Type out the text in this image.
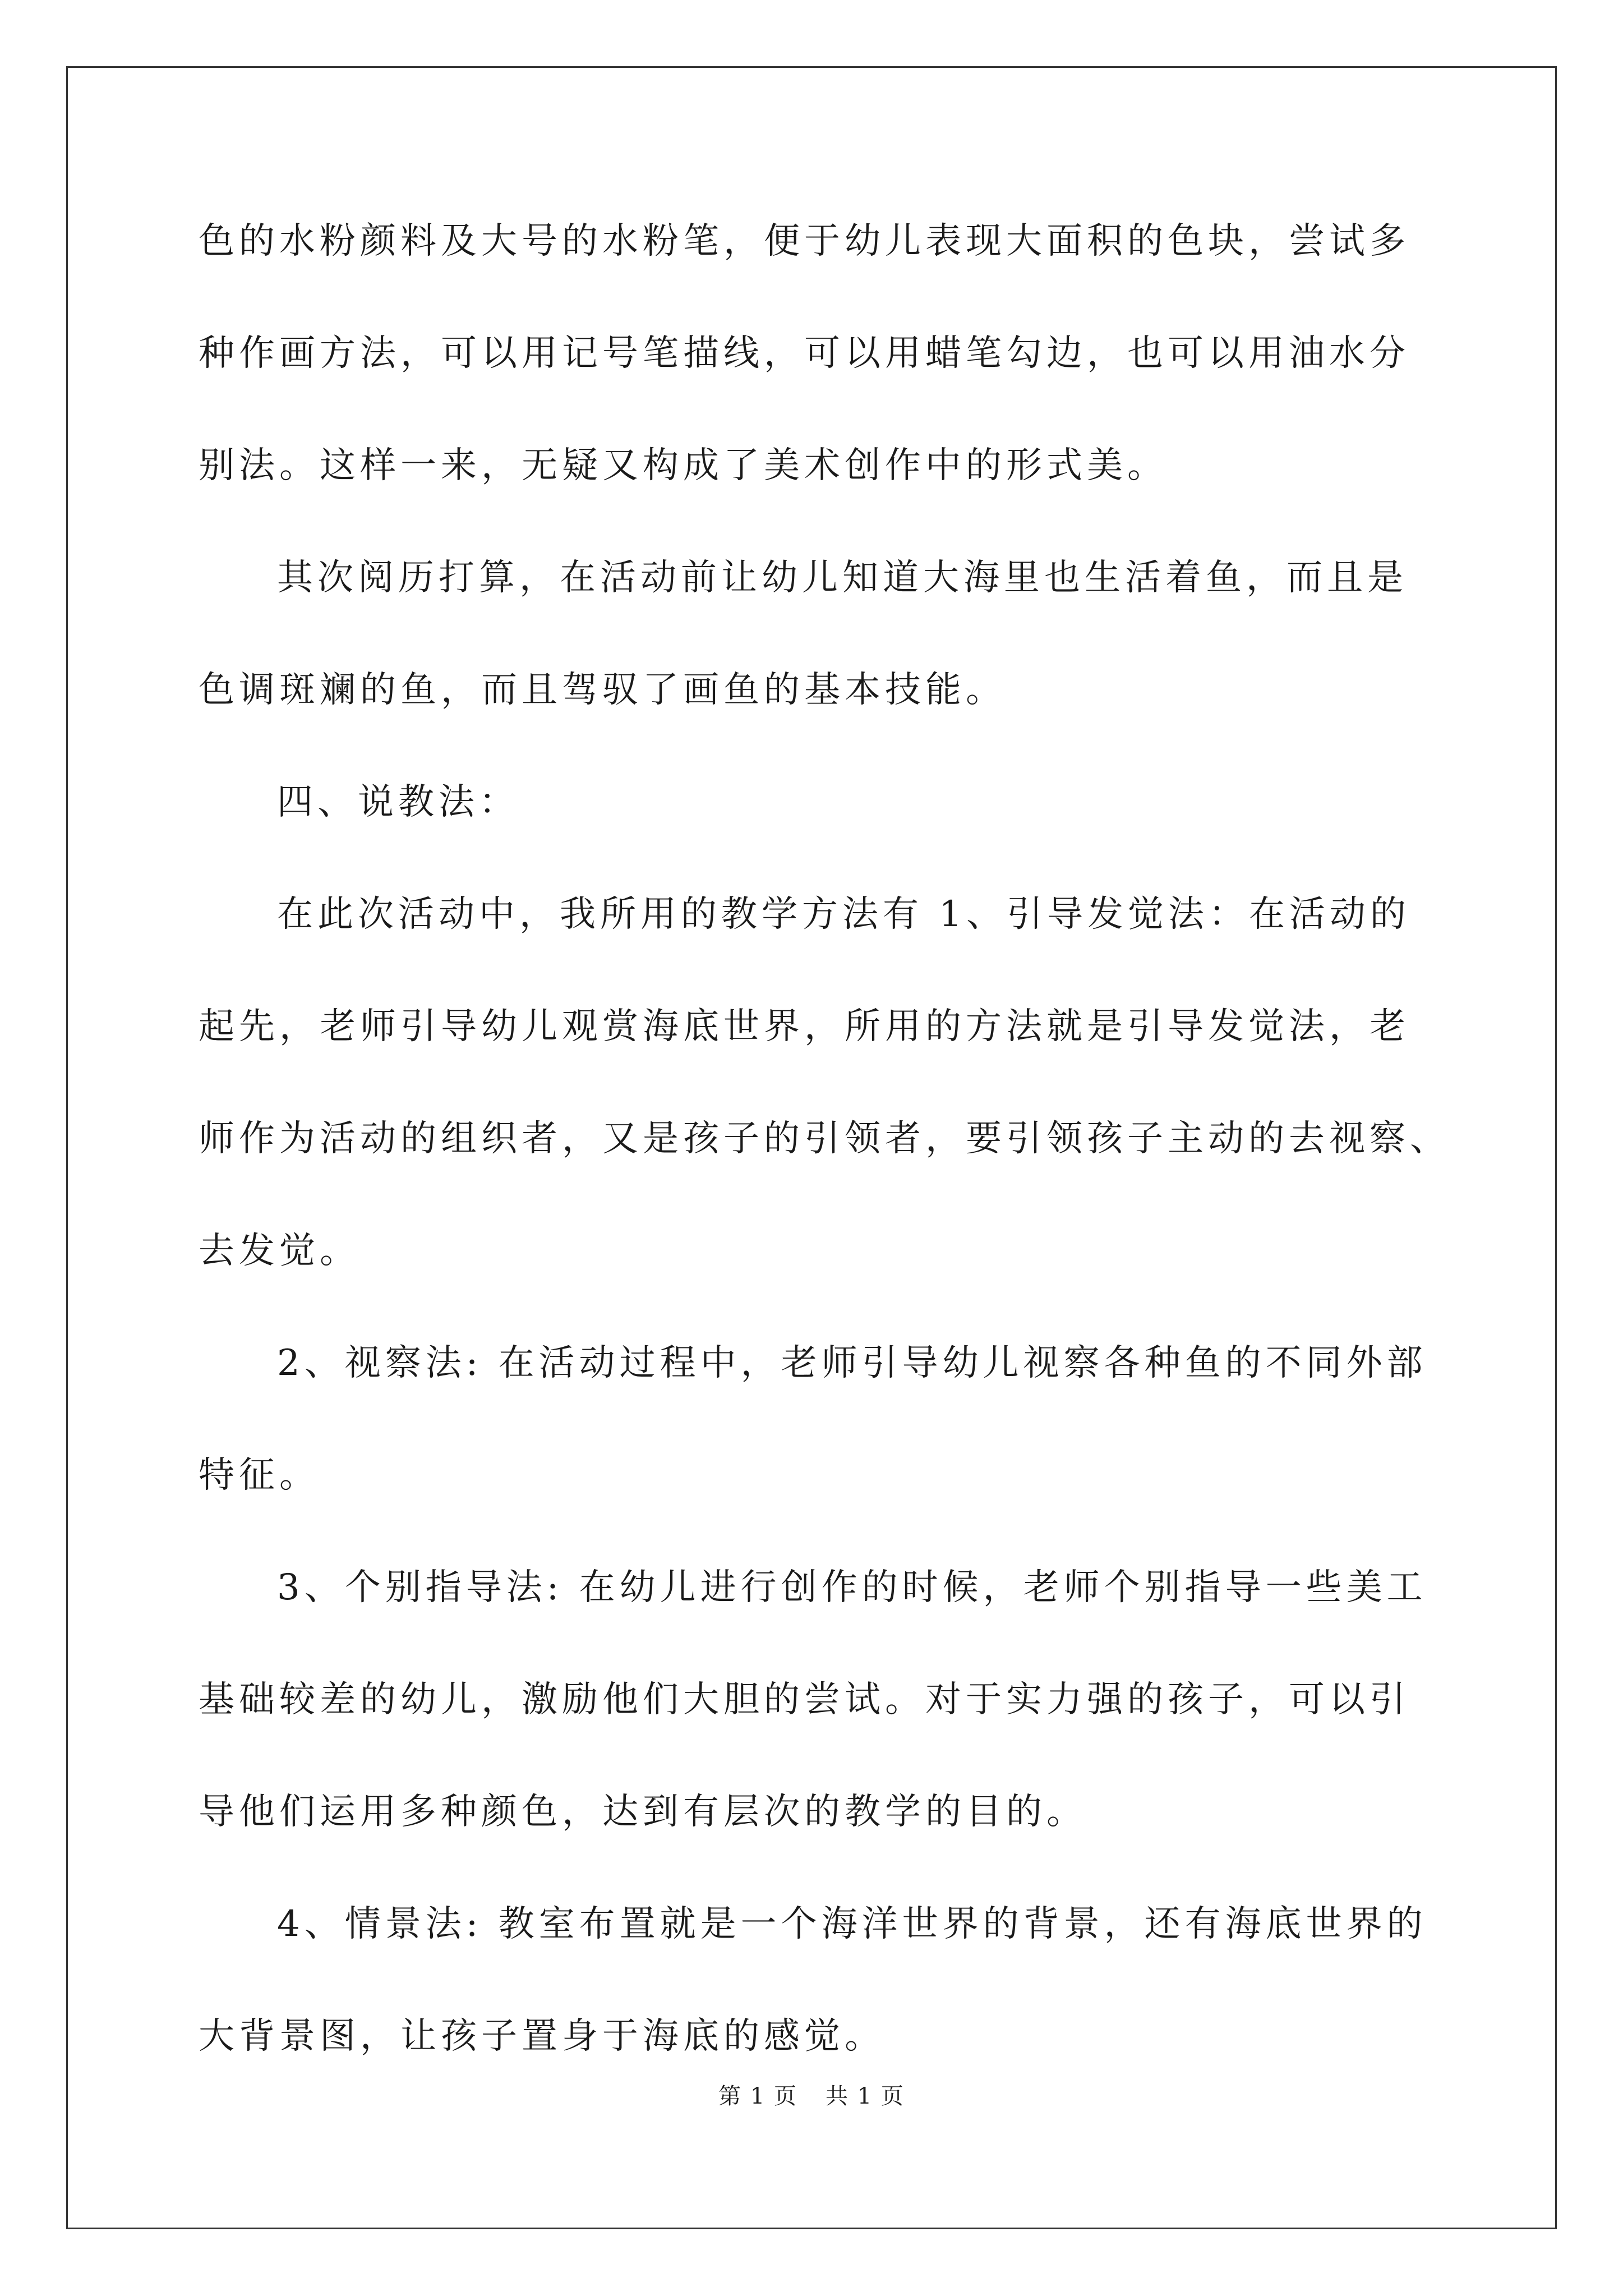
色的水粉颜料及大号的水粉笔，便于幼儿表现大面积的色块，尝试多
种作画方法，可以用记号笔描线，可以用蜡笔勾边，也可以用油水分
别法。这样一来，无疑又构成了美术创作中的形式美。
其次阅历打算，在活动前让幼儿知道大海里也生活着鱼，而且是
色调斑斓的鱼，而且驾驭了画鱼的基本技能。
四、说教法：
在此次活动中，我所用的教学方法有 1、引导发觉法：在活动的
起先，老师引导幼儿观赏海底世界，所用的方法就是引导发觉法，老
师作为活动的组织者，又是孩子的引领者，要引领孩子主动的去视察、
去发觉。
2、视察法: 在活动过程中，老师引导幼儿视察各种鱼的不同外部
特征。
3、个别指导法: 在幼儿进行创作的时候，老师个别指导一些美工
基础较差的幼儿，激励他们大胆的尝试。对于实力强的孩子，可以引
导他们运用多种颜色，达到有层次的教学的目的。
4、情景法: 教室布置就是一个海洋世界的背景，还有海底世界的
大背景图，让孩子置身于海底的感觉。
第 1 页 共 1 页
